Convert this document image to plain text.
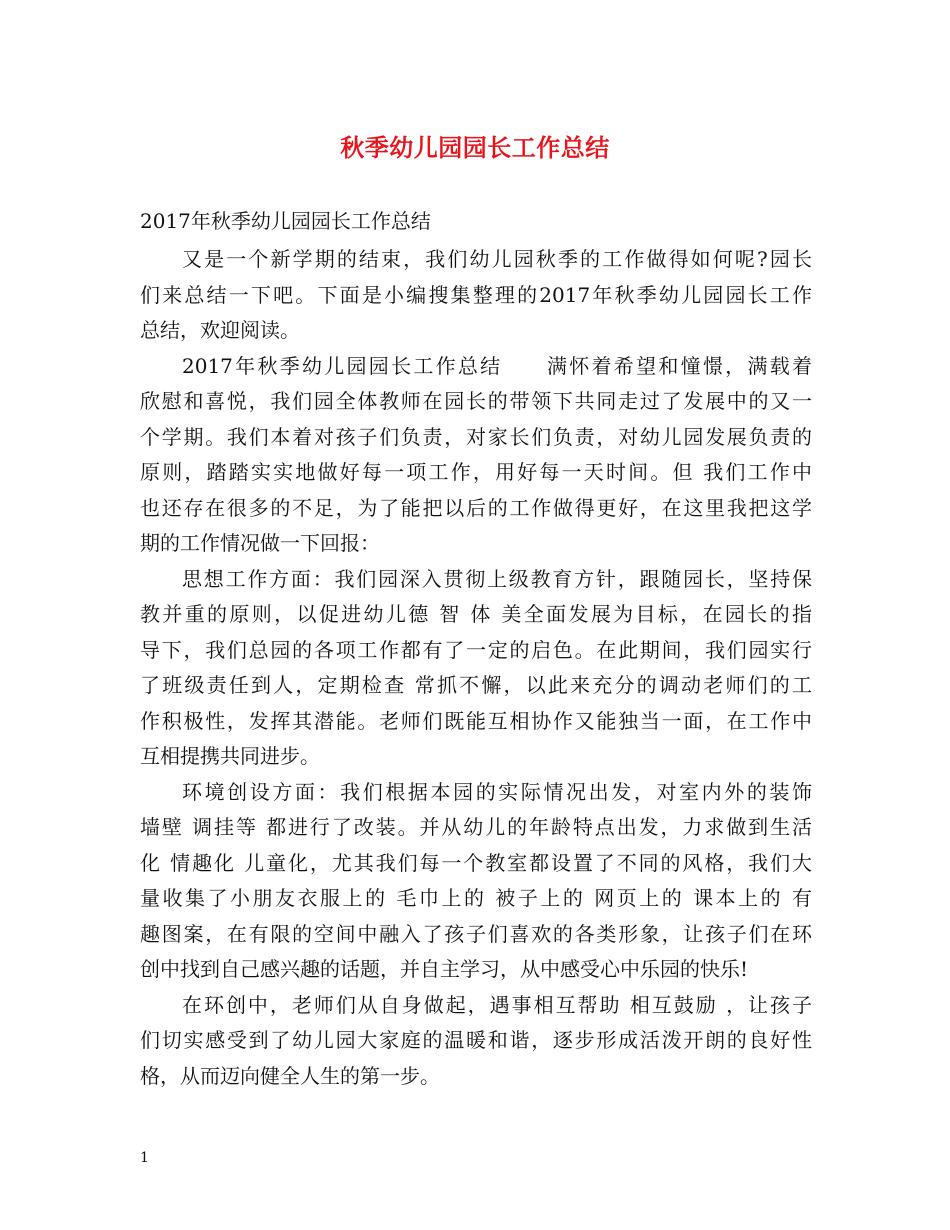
秋季幼儿园园长工作总结
2017年秋季幼儿园园长工作总结
又是一个新学期的结束，我们幼儿园秋季的工作做得如何呢?园长
们来总结一下吧。下面是小编搜集整理的2017年秋季幼儿园园长工作
总结，欢迎阅读。
2017年秋季幼儿园园长工作总结　　满怀着希望和憧憬，满载着
欣慰和喜悦，我们园全体教师在园长的带领下共同走过了发展中的又一
个学期。我们本着对孩子们负责，对家长们负责，对幼儿园发展负责的
原则，踏踏实实地做好每一项工作，用好每一天时间。但 我们工作中
也还存在很多的不足，为了能把以后的工作做得更好，在这里我把这学
期的工作情况做一下回报：
思想工作方面：我们园深入贯彻上级教育方针，跟随园长，坚持保
教并重的原则，以促进幼儿德 智 体 美全面发展为目标，在园长的指
导下，我们总园的各项工作都有了一定的启色。在此期间，我们园实行
了班级责任到人，定期检查 常抓不懈，以此来充分的调动老师们的工
作积极性，发挥其潜能。老师们既能互相协作又能独当一面，在工作中
互相提携共同进步。
环境创设方面：我们根据本园的实际情况出发，对室内外的装饰
墙壁 调挂等 都进行了改装。并从幼儿的年龄特点出发，力求做到生活
化 情趣化 儿童化，尤其我们每一个教室都设置了不同的风格，我们大
量收集了小朋友衣服上的 毛巾上的 被子上的 网页上的 课本上的 有
趣图案，在有限的空间中融入了孩子们喜欢的各类形象，让孩子们在环
创中找到自己感兴趣的话题，并自主学习，从中感受心中乐园的快乐!
在环创中，老师们从自身做起，遇事相互帮助 相互鼓励 ，让孩子
们切实感受到了幼儿园大家庭的温暖和谐，逐步形成活泼开朗的良好性
格，从而迈向健全人生的第一步。
1
